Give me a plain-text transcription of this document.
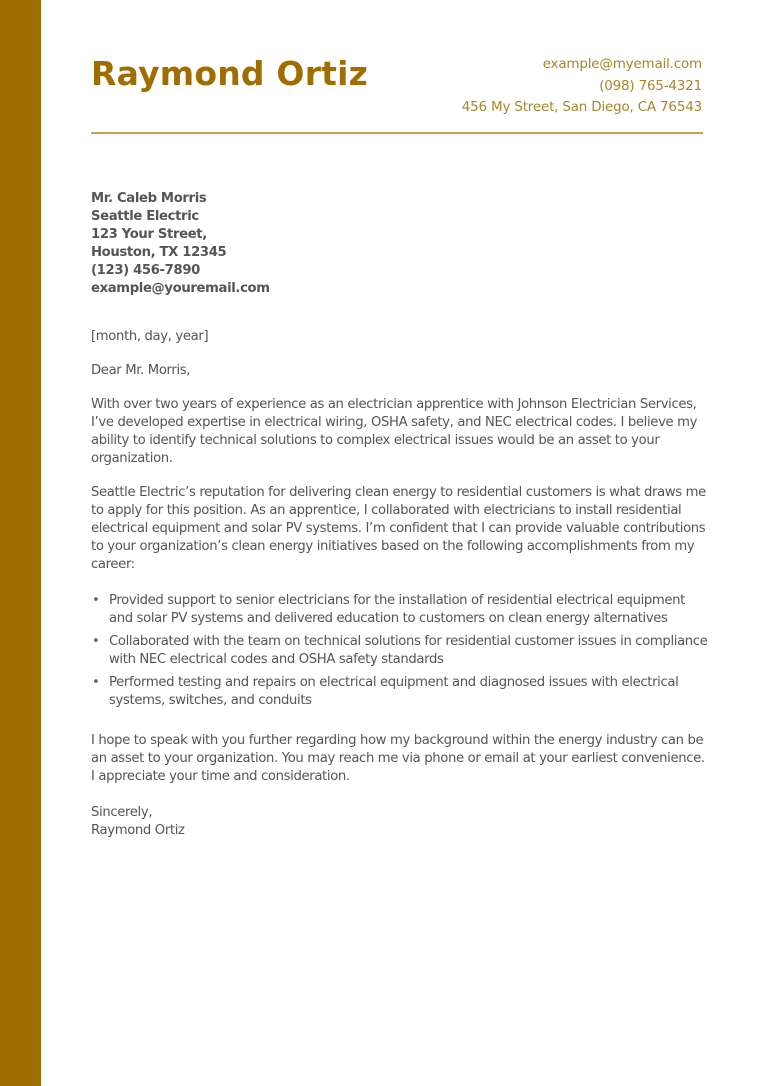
Raymond Ortiz	example@myemail.com
(098) 765-4321
456 My Street, San Diego, CA 76543
Mr. Caleb Morris
Seattle Electric
123 Your Street,
Houston, TX 12345
(123) 456-7890
example@youremail.com
[month, day, year]
Dear Mr. Morris,

With over two years of experience as an electrician apprentice with Johnson Electrician Services, I’ve developed expertise in electrical wiring, OSHA safety, and NEC electrical codes. I believe my ability to identify technical solutions to complex electrical issues would be an asset to your organization.

Seattle Electric’s reputation for delivering clean energy to residential customers is what draws me to apply for this position. As an apprentice, I collaborated with electricians to install residential electrical equipment and solar PV systems. I’m confident that I can provide valuable contributions to your organization’s clean energy initiatives based on the following accomplishments from my career:

• Provided support to senior electricians for the installation of residential electrical equipment and solar PV systems and delivered education to customers on clean energy alternatives
• Collaborated with the team on technical solutions for residential customer issues in compliance with NEC electrical codes and OSHA safety standards
• Performed testing and repairs on electrical equipment and diagnosed issues with electrical systems, switches, and conduits

I hope to speak with you further regarding how my background within the energy industry can be an asset to your organization. You may reach me via phone or email at your earliest convenience. I appreciate your time and consideration.

Sincerely,
Raymond Ortiz
